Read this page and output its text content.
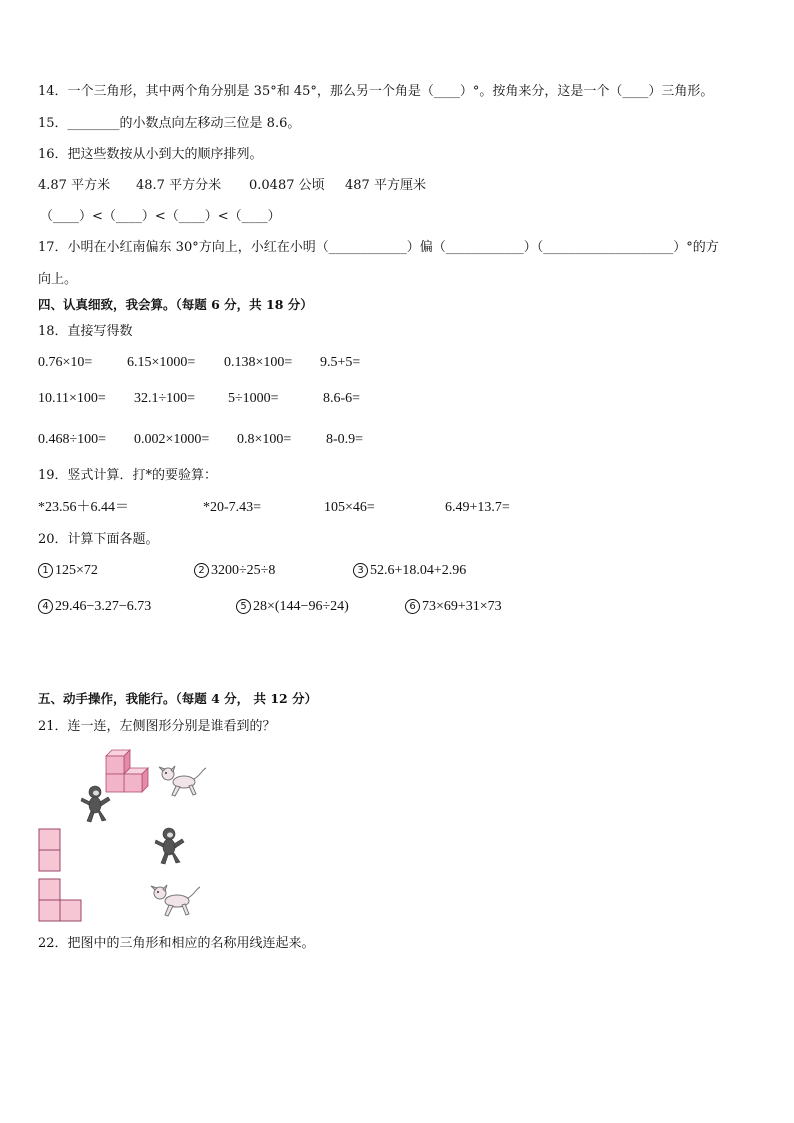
14．一个三角形，其中两个角分别是 35°和 45°，那么另一个角是（____）°。按角来分，这是一个（____）三角形。
15．________的小数点向左移动三位是 8.6。
16．把这些数按从小到大的顺序排列。
4.87 平方米 48.7 平方分米 0.0487 公顷 487 平方厘米
（____）<（____）<（____）<（____）
17．小明在小红南偏东 30°方向上，小红在小明（____________）偏（____________）（____________________）°的方
向上。
四、认真细致，我会算。（每题 6 分，共 18 分）
18．直接写得数
0.76×10= 6.15×1000= 0.138×100= 9.5+5=
10.11×100= 32.1÷100= 5÷1000=	8.6-6=
0.468÷100= 0.002×1000= 0.8×100= 8-0.9=
19．竖式计算．打*的要验算：
*23.56＋6.44＝	*20-7.43=	105×46=	6.49+13.7=
20．计算下面各题。
1 125×72	2 3200÷25÷8	3 52.6+18.04+2.96
4 29.46−3.27−6.73	5 28×(144−96÷24)	6 73×69+31×73
五、动手操作，我能行。（每题 4 分， 共 12 分）
21．连一连，左侧图形分别是谁看到的？
22．把图中的三角形和相应的名称用线连起来。
